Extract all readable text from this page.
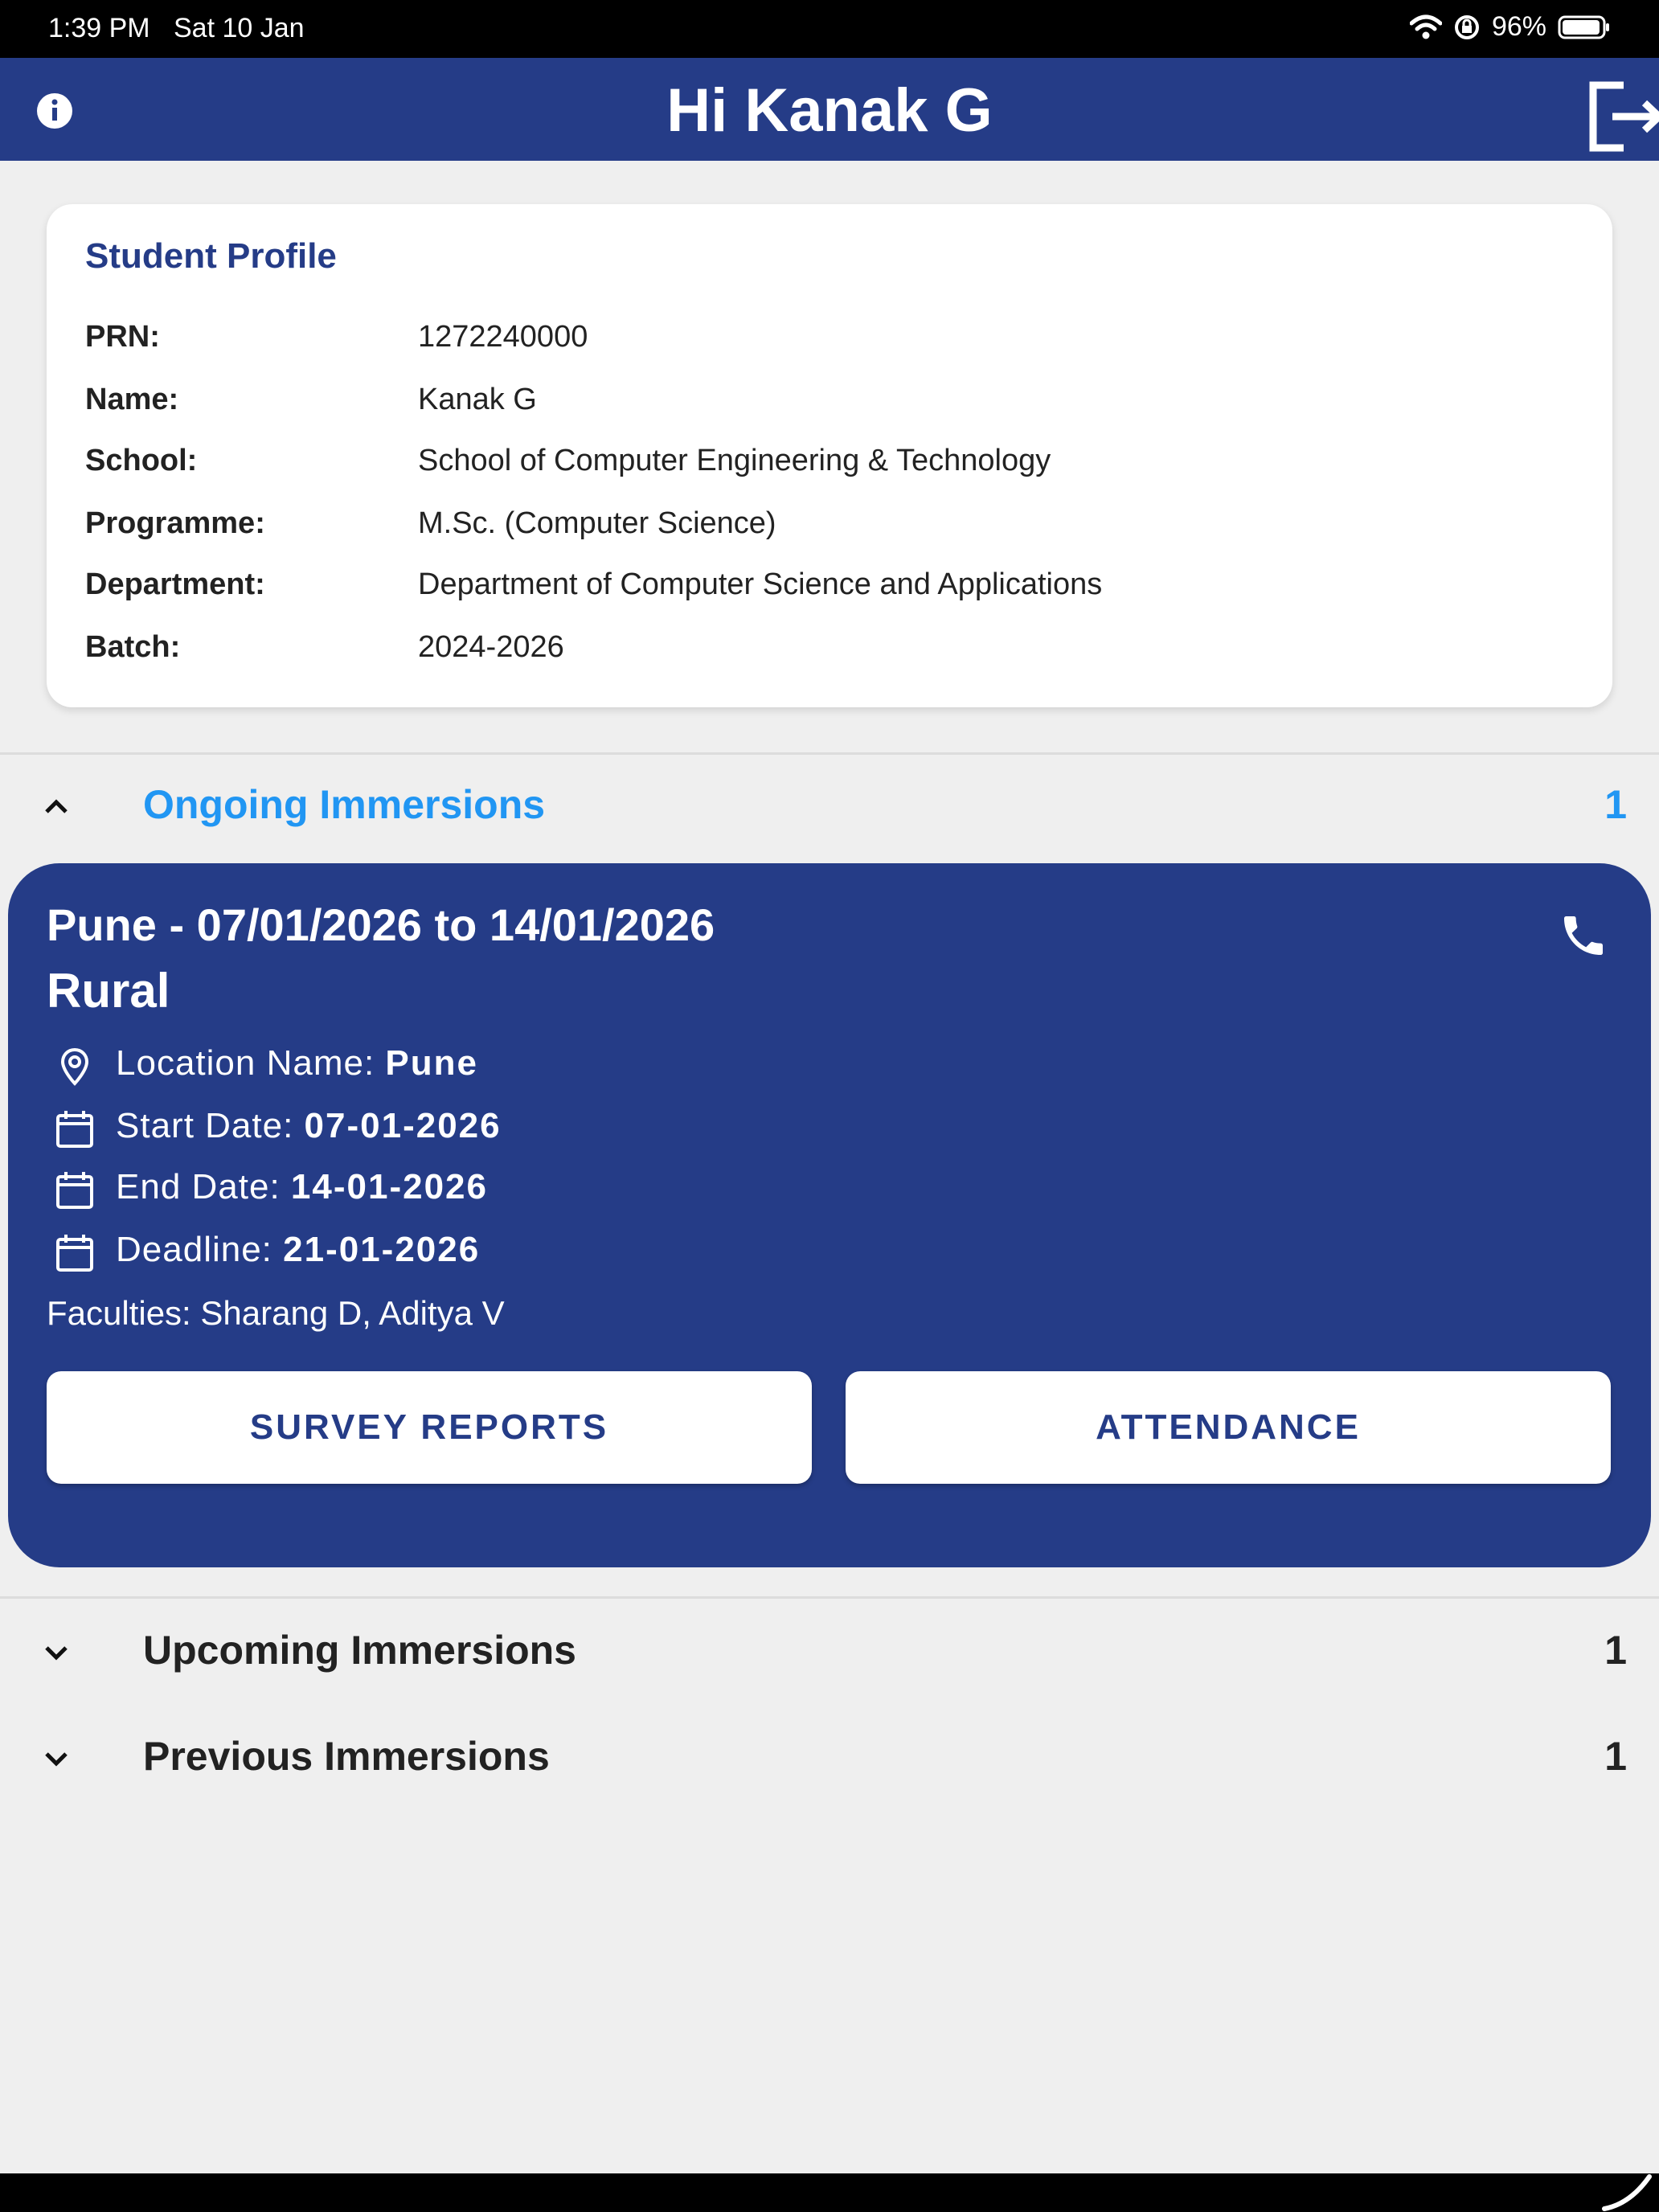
1:39 PM Sat 10 Jan	96%
Hi Kanak G
Student Profile
PRN:	1272240000
Name:	Kanak G
School:	School of Computer Engineering & Technology
Programme:	M.Sc. (Computer Science)
Department:	Department of Computer Science and Applications
Batch:	2024-2026
Ongoing Immersions	1
Pune - 07/01/2026 to 14/01/2026
Rural
Location Name: Pune
Start Date: 07-01-2026
End Date: 14-01-2026
Deadline: 21-01-2026
Faculties: Sharang D, Aditya V
SURVEY REPORTS	ATTENDANCE
Upcoming Immersions	1
Previous Immersions	1
